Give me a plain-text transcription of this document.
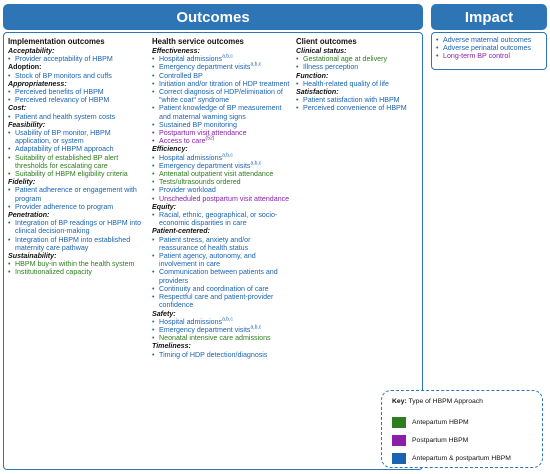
Outcomes	Impact
Implementation outcomes
Acceptability:
• Provider acceptability of HBPM
Adoption:
• Stock of BP monitors and cuffs
Appropriateness:
• Perceived benefits of HBPM
• Perceived relevancy of HBPM
Cost:
• Patient and health system costs
Feasibility:
• Usability of BP monitor, HBPM application, or system
• Adaptability of HBPM approach
• Suitability of established BP alert thresholds for escalating care
• Suitability of HBPM eligibility criteria
Fidelity:
• Patient adherence or engagement with program
• Provider adherence to program
Penetration:
• Integration of BP readings or HBPM into clinical decision-making
• Integration of HBPM into established maternity care pathway
Sustainability:
• HBPM buy-in within the health system
• Institutionalized capacity
Health service outcomes
Effectiveness:
• Hospital admissions$^{a,b,c}$
• Emergency department visits$^{a,b,c}$
• Controlled BP
• Initiation and/or titration of HDP treatment
• Correct diagnosis of HDP/elimination of "white coat" syndrome
• Patient knowledge of BP measurement and maternal warning signs
• Sustained BP monitoring
• Postpartum visit attendance
• Access to care$^{(52)}$
Efficiency:
• Hospital admissions$^{a,b,c}$
• Emergency department visits$^{a,b,c}$
• Antenatal outpatient visit attendance
• Tests/ultrasounds ordered
• Provider workload
• Unscheduled postpartum visit attendance
Equity:
• Racial, ethnic, geographical, or socio-economic disparities in care
Patient-centered:
• Patient stress, anxiety and/or reassurance of health status
• Patient agency, autonomy, and involvement in care
• Communication between patients and providers
• Continuity and coordination of care
• Respectful care and patient-provider confidence
Safety:
• Hospital admissions$^{a,b,c}$
• Emergency department visits$^{a,b,c}$
• Neonatal intensive care admissions
Timeliness:
• Timing of HDP detection/diagnosis
Client outcomes
Clinical status:
• Gestational age at delivery
• Illness perception
Function:
• Health-related quality of life
Satisfaction:
• Patient satisfaction with HBPM
• Perceived convenience of HBPM
• Adverse maternal outcomes
• Adverse perinatal outcomes
• Long-term BP control
Key: Type of HBPM Approach
Antepartum HBPM
Postpartum HBPM
Antepartum & postpartum HBPM
